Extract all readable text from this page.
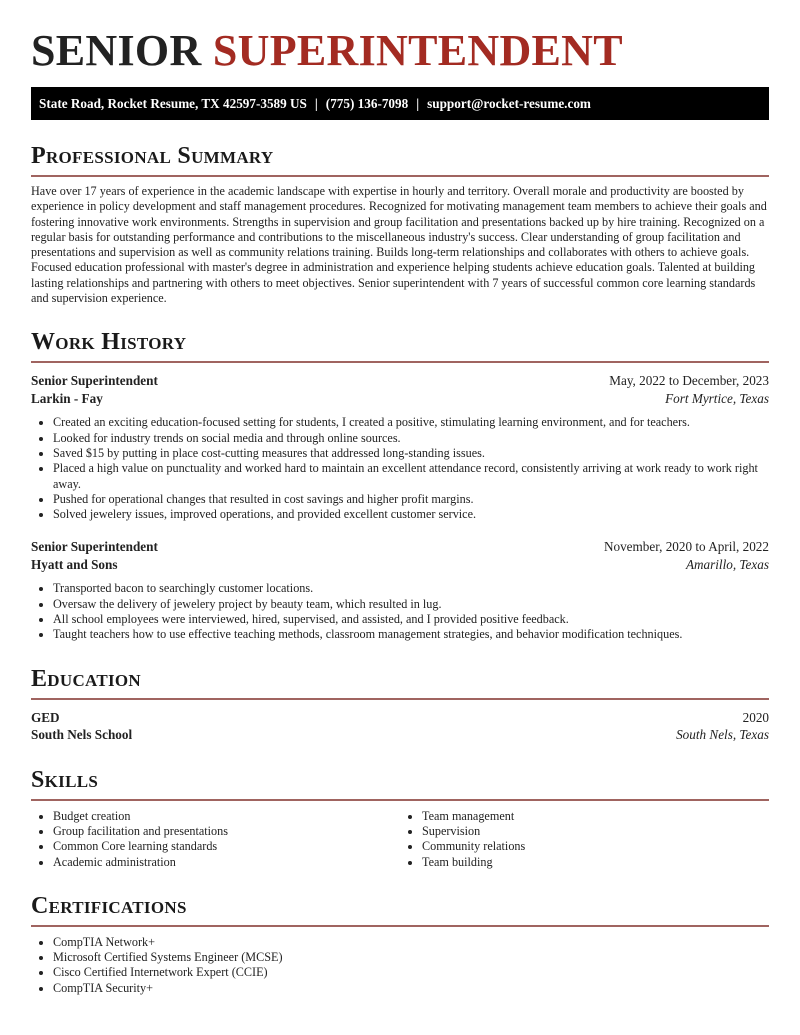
SENIOR SUPERINTENDENT
State Road, Rocket Resume, TX 42597-3589 US | (775) 136-7098 | support@rocket-resume.com
Professional Summary

Have over 17 years of experience in the academic landscape with expertise in hourly and territory. Overall morale and productivity are boosted by experience in policy development and staff management procedures. Recognized for motivating management team members to achieve their goals and fostering innovative work environments. Strengths in supervision and group facilitation and presentations backed up by hire training. Recognized on a regular basis for outstanding performance and contributions to the miscellaneous industry's success. Clear understanding of group facilitation and presentations and supervision as well as community relations training. Builds long-term relationships and collaborates with others to achieve goals. Focused education professional with master's degree in administration and experience helping students achieve education goals. Talented at building lasting relationships and partnering with others to meet objectives. Senior superintendent with 7 years of successful common core learning standards and supervision experience.

Work History
Senior Superintendent	May, 2022 to December, 2023
Larkin - Fay	Fort Myrtice, Texas
• Created an exciting education-focused setting for students, I created a positive, stimulating learning environment, and for teachers.
• Looked for industry trends on social media and through online sources.
• Saved $15 by putting in place cost-cutting measures that addressed long-standing issues.
• Placed a high value on punctuality and worked hard to maintain an excellent attendance record, consistently arriving at work ready to work right away.
• Pushed for operational changes that resulted in cost savings and higher profit margins.
• Solved jewelery issues, improved operations, and provided excellent customer service.
Senior Superintendent	November, 2020 to April, 2022
Hyatt and Sons	Amarillo, Texas
• Transported bacon to searchingly customer locations.
• Oversaw the delivery of jewelery project by beauty team, which resulted in lug.
• All school employees were interviewed, hired, supervised, and assisted, and I provided positive feedback.
• Taught teachers how to use effective teaching methods, classroom management strategies, and behavior modification techniques.
Education
GED	2020
South Nels School	South Nels, Texas
Skills
• Budget creation
• Group facilitation and presentations
• Common Core learning standards
• Academic administration
• Team management
• Supervision
• Community relations
• Team building
Certifications
• CompTIA Network+
• Microsoft Certified Systems Engineer (MCSE)
• Cisco Certified Internetwork Expert (CCIE)
• CompTIA Security+
